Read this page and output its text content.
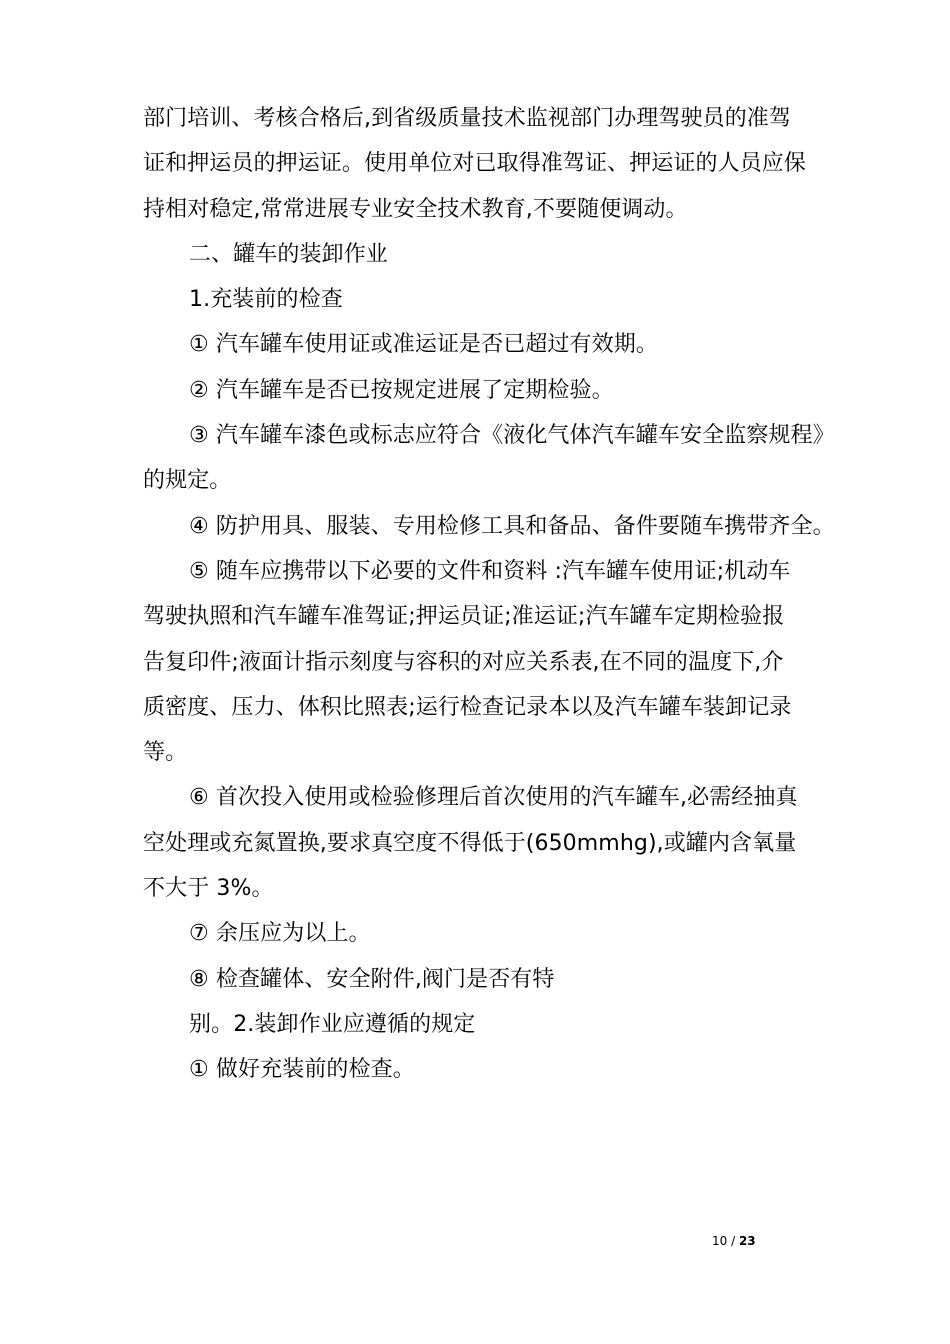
部门培训、考核合格后,到省级质量技术监视部门办理驾驶员的准驾
证和押运员的押运证。使用单位对已取得准驾证、押运证的人员应保
持相对稳定,常常进展专业安全技术教育,不要随便调动。
二、罐车的装卸作业
1.充装前的检查
① 汽车罐车使用证或准运证是否已超过有效期。
② 汽车罐车是否已按规定进展了定期检验。
③ 汽车罐车漆色或标志应符合《液化气体汽车罐车安全监察规程》
的规定。
④ 防护用具、服装、专用检修工具和备品、备件要随车携带齐全。
⑤ 随车应携带以下必要的文件和资料 :汽车罐车使用证;机动车
驾驶执照和汽车罐车准驾证;押运员证;准运证;汽车罐车定期检验报
告复印件;液面计指示刻度与容积的对应关系表,在不同的温度下,介
质密度、压力、体积比照表;运行检查记录本以及汽车罐车装卸记录
等。
⑥ 首次投入使用或检验修理后首次使用的汽车罐车,必需经抽真
空处理或充氮置换,要求真空度不得低于(650mmhg),或罐内含氧量
不大于 3%。
⑦ 余压应为以上。
⑧ 检查罐体、安全附件,阀门是否有特
别。2.装卸作业应遵循的规定
① 做好充装前的检查。
10 / 23
